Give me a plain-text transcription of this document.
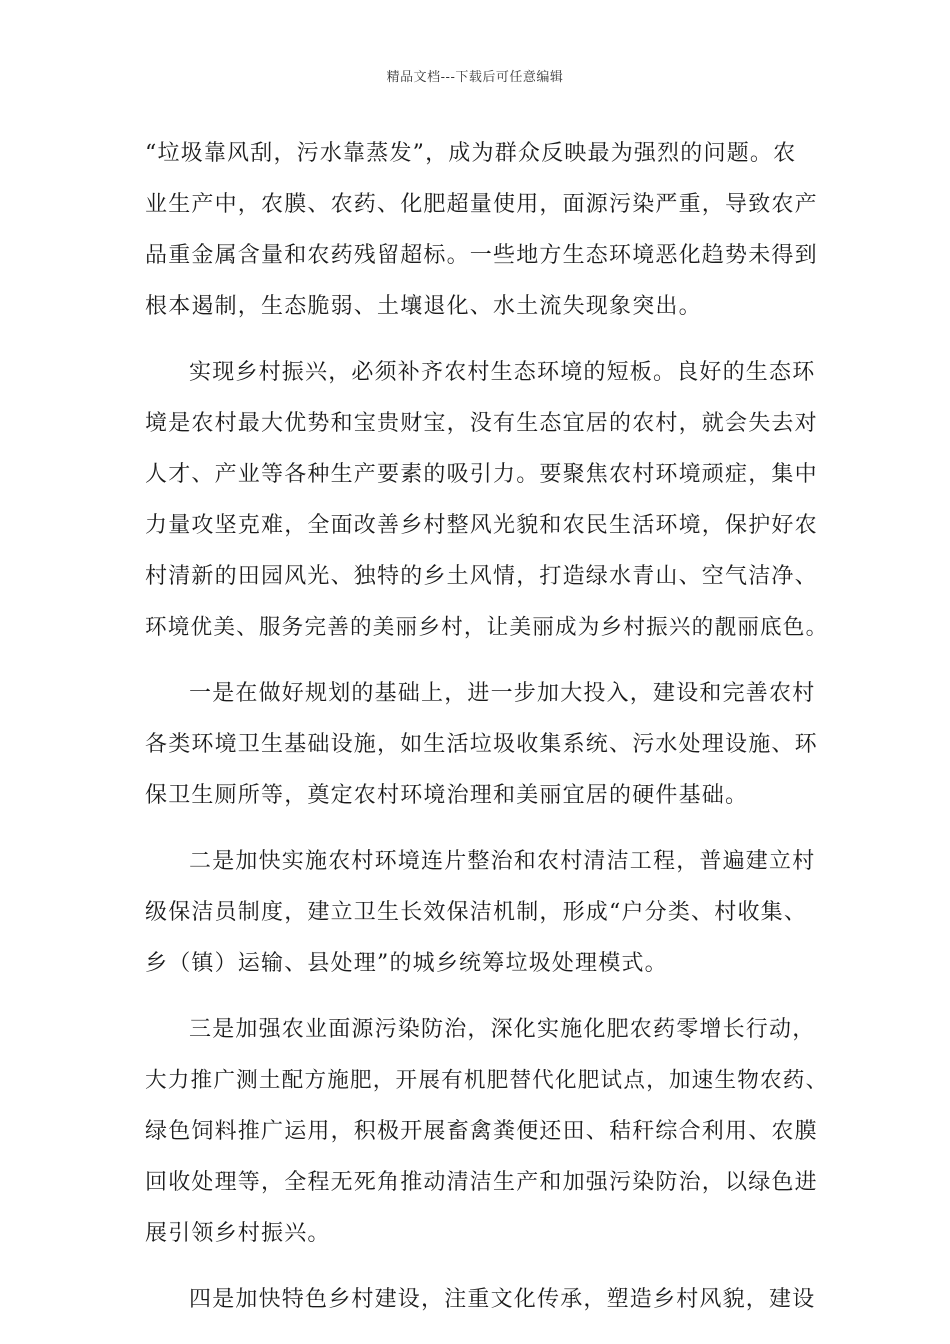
精品文档---下载后可任意编辑
“垃圾靠风刮，污水靠蒸发”，成为群众反映最为强烈的问题。农
业生产中，农膜、农药、化肥超量使用，面源污染严重，导致农产
品重金属含量和农药残留超标。一些地方生态环境恶化趋势未得到
根本遏制，生态脆弱、土壤退化、水土流失现象突出。
实现乡村振兴，必须补齐农村生态环境的短板。良好的生态环
境是农村最大优势和宝贵财宝，没有生态宜居的农村，就会失去对
人才、产业等各种生产要素的吸引力。要聚焦农村环境顽症，集中
力量攻坚克难，全面改善乡村整风光貌和农民生活环境，保护好农
村清新的田园风光、独特的乡土风情，打造绿水青山、空气洁净、
环境优美、服务完善的美丽乡村，让美丽成为乡村振兴的靓丽底色。
一是在做好规划的基础上，进一步加大投入，建设和完善农村
各类环境卫生基础设施，如生活垃圾收集系统、污水处理设施、环
保卫生厕所等，奠定农村环境治理和美丽宜居的硬件基础。
二是加快实施农村环境连片整治和农村清洁工程，普遍建立村
级保洁员制度，建立卫生长效保洁机制，形成“户分类、村收集、
乡（镇）运输、县处理”的城乡统筹垃圾处理模式。
三是加强农业面源污染防治，深化实施化肥农药零增长行动，
大力推广测土配方施肥，开展有机肥替代化肥试点，加速生物农药、
绿色饲料推广运用，积极开展畜禽粪便还田、秸秆综合利用、农膜
回收处理等，全程无死角推动清洁生产和加强污染防治，以绿色进
展引领乡村振兴。
四是加快特色乡村建设，注重文化传承，塑造乡村风貌，建设
